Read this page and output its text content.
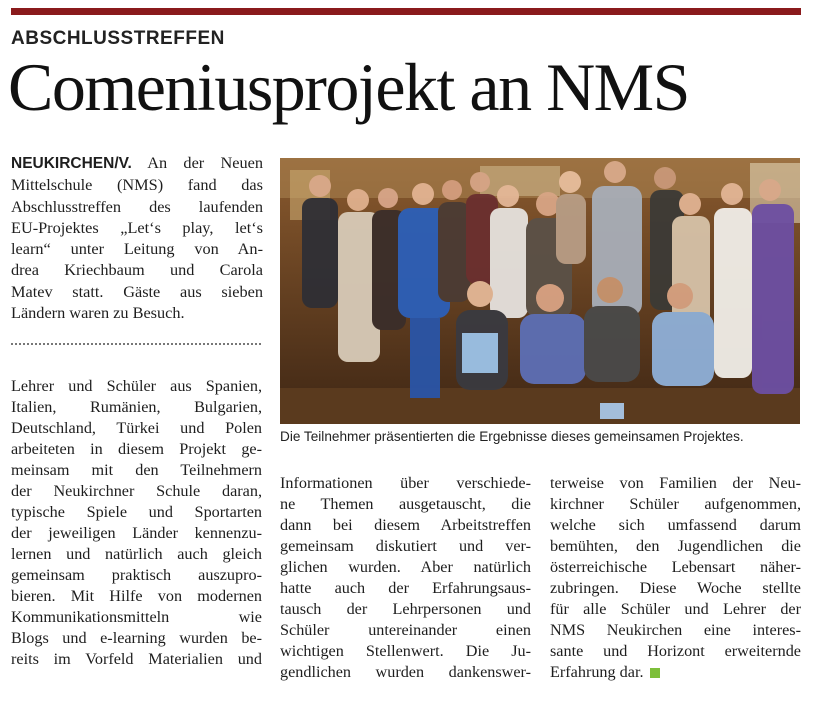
ABSCHLUSSTREFFEN
Comeniusprojekt an NMS
NEUKIRCHEN/V. An der Neuen
Mittelschule (NMS) fand das
Abschlusstreffen des laufenden
EU-Projektes „Let‘s play, let‘s
learn“ unter Leitung von An-
drea Kriechbaum und Carola
Matev statt. Gäste aus sieben
Ländern waren zu Besuch.
Lehrer und Schüler aus Spanien,
Italien, Rumänien, Bulgarien,
Deutschland, Türkei und Polen
arbeiteten in diesem Projekt ge-
meinsam mit den Teilnehmern
der Neukirchner Schule daran,
typische Spiele und Sportarten
der jeweiligen Länder kennenzu-
lernen und natürlich auch gleich
gemeinsam praktisch auszupro-
bieren. Mit Hilfe von modernen
Kommunikationsmitteln wie
Blogs und e-learning wurden be-
reits im Vorfeld Materialien und
Die Teilnehmer präsentierten die Ergebnisse dieses gemeinsamen Projektes.
Informationen über verschiede-
ne Themen ausgetauscht, die
dann bei diesem Arbeitstreffen
gemeinsam diskutiert und ver-
glichen wurden. Aber natürlich
hatte auch der Erfahrungsaus-
tausch der Lehrpersonen und
Schüler untereinander einen
wichtigen Stellenwert. Die Ju-
gendlichen wurden dankenswer-
terweise von Familien der Neu-
kirchner Schüler aufgenommen,
welche sich umfassend darum
bemühten, den Jugendlichen die
österreichische Lebensart näher-
zubringen. Diese Woche stellte
für alle Schüler und Lehrer der
NMS Neukirchen eine interes-
sante und Horizont erweiternde
Erfahrung dar.
